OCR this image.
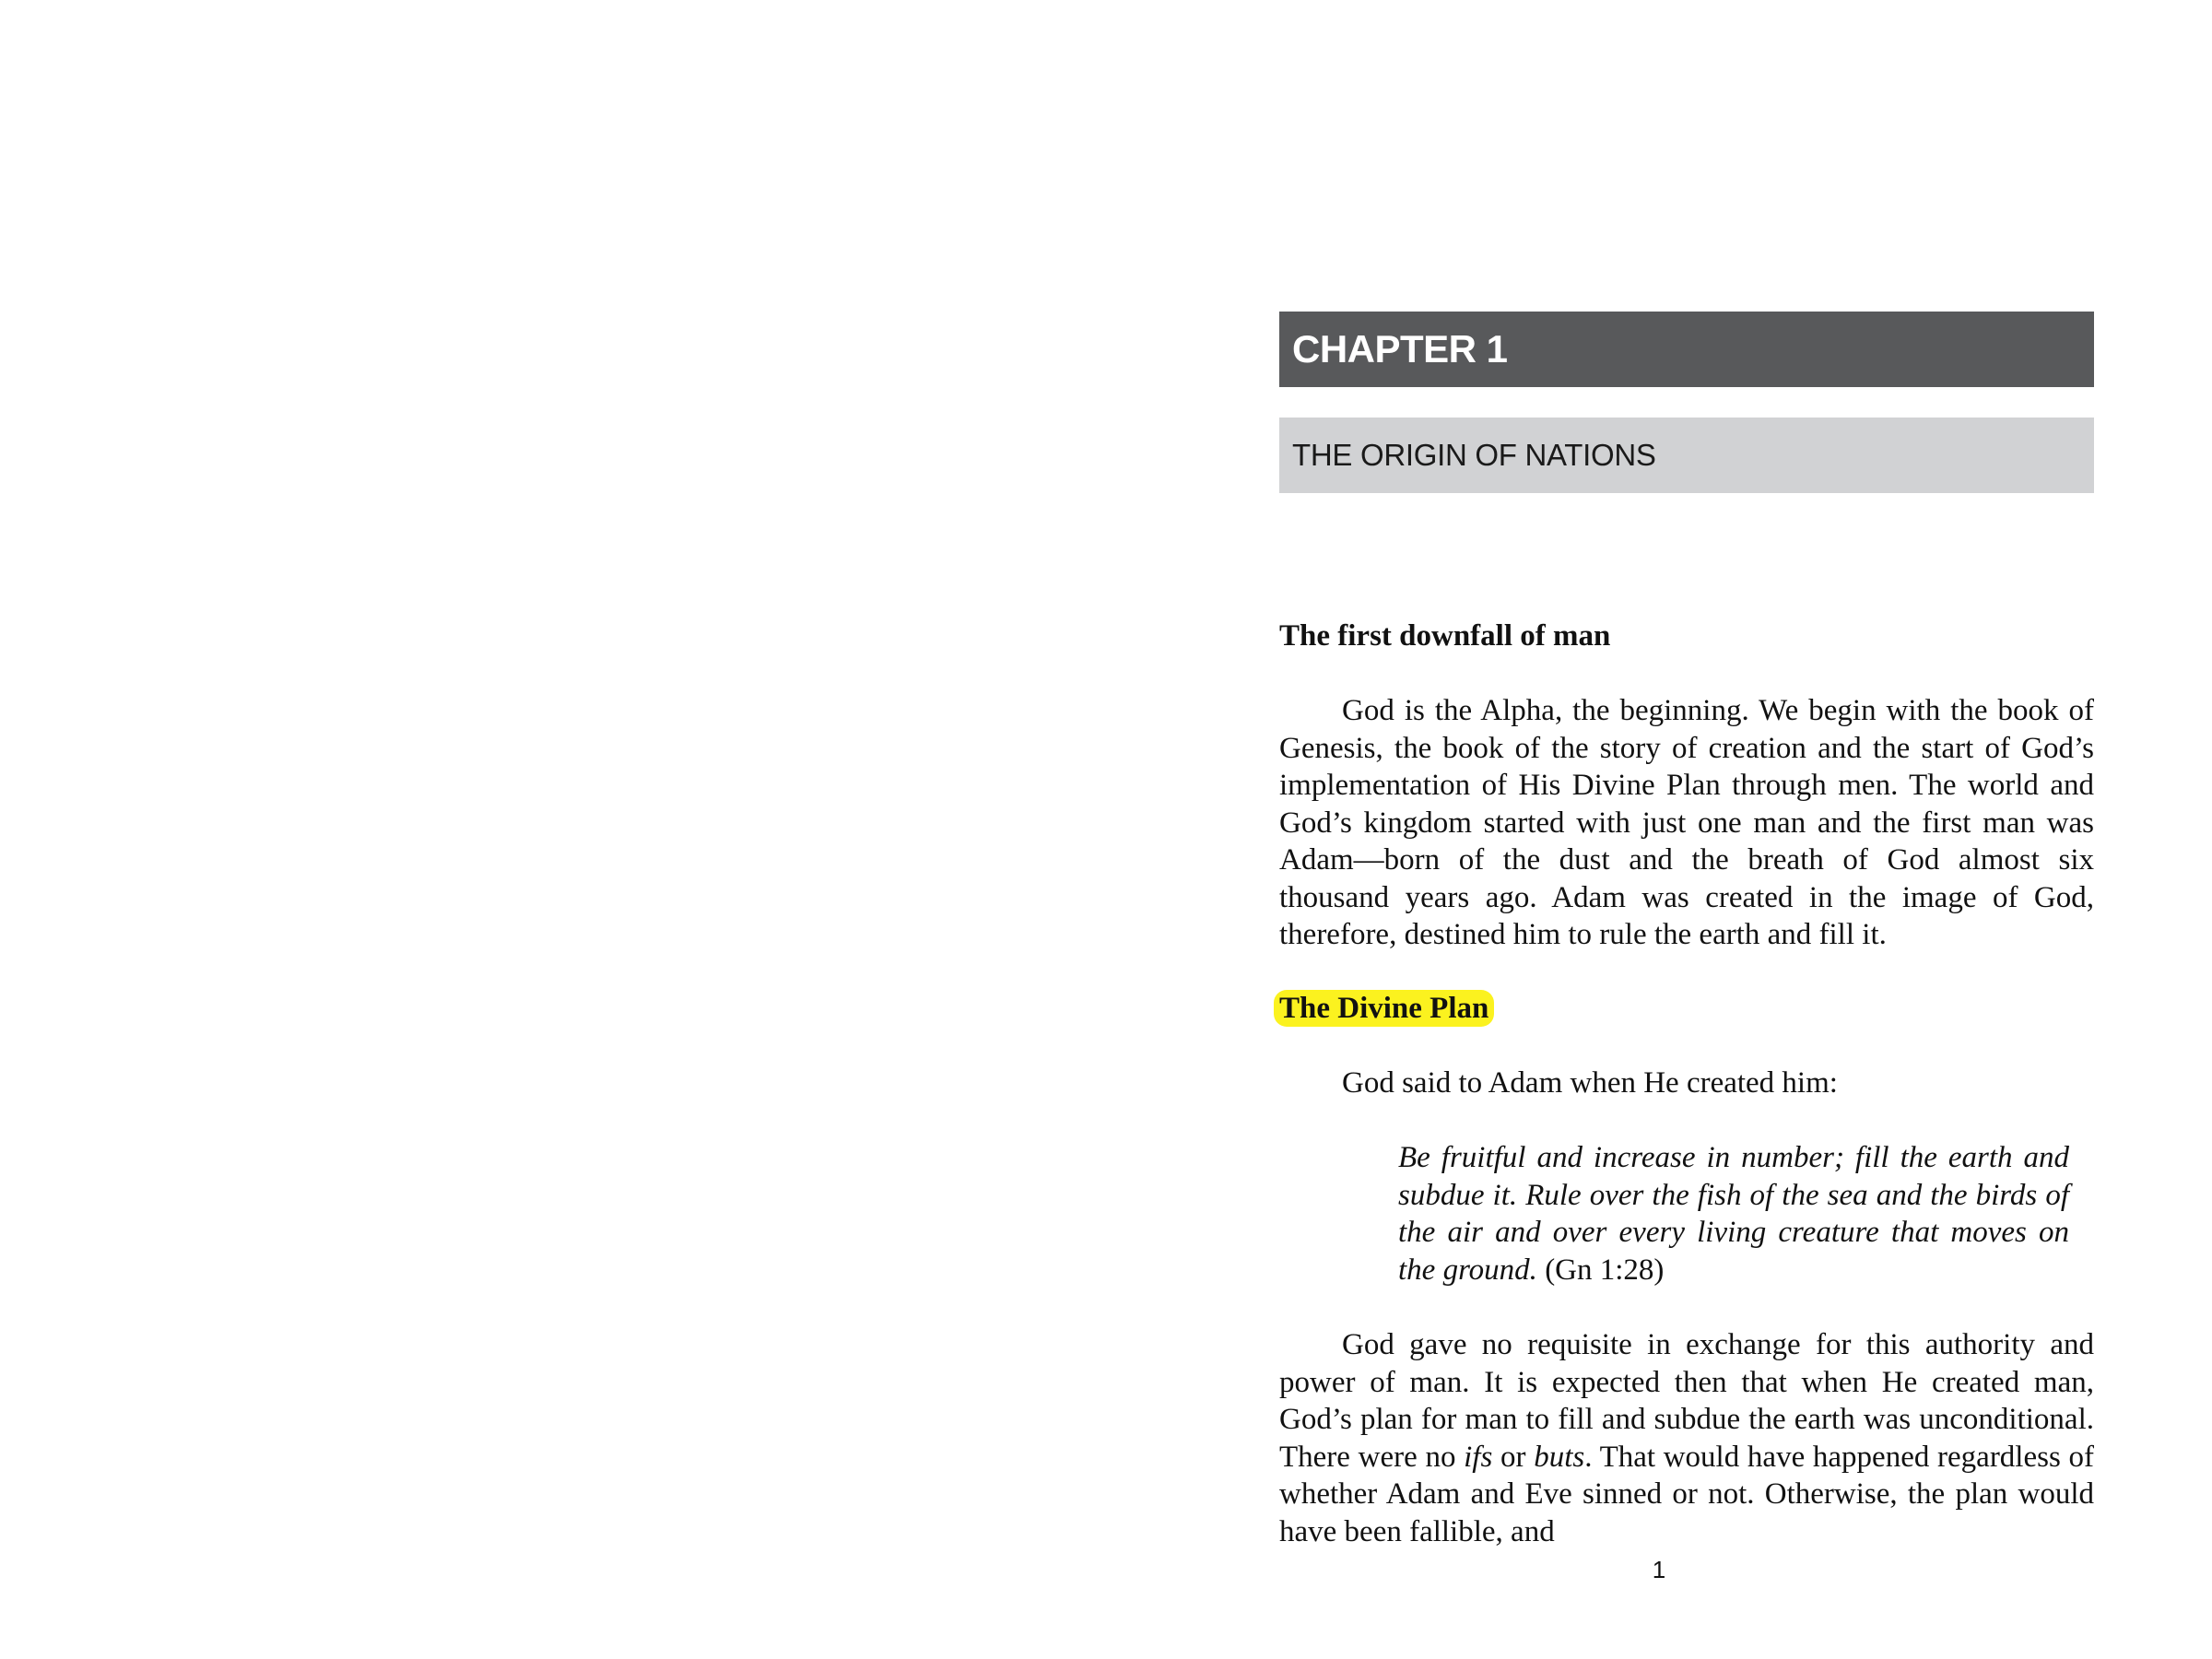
CHAPTER 1
THE ORIGIN OF NATIONS
The first downfall of man

God is the Alpha, the beginning. We begin with the book of Genesis, the book of the story of creation and the start of God’s implementation of His Divine Plan through men. The world and God’s kingdom started with just one man and the first man was Adam—born of the dust and the breath of God almost six thousand years ago. Adam was created in the image of God, therefore, destined him to rule the earth and fill it.

The Divine Plan

God said to Adam when He created him:

Be fruitful and increase in number; fill the earth and subdue it. Rule over the fish of the sea and the birds of the air and over every living creature that moves on the ground. (Gn 1:28)

God gave no requisite in exchange for this authority and power of man. It is expected then that when He created man, God’s plan for man to fill and subdue the earth was unconditional. There were no ifs or buts. That would have happened regardless of whether Adam and Eve sinned or not. Otherwise, the plan would have been fallible, and

1
